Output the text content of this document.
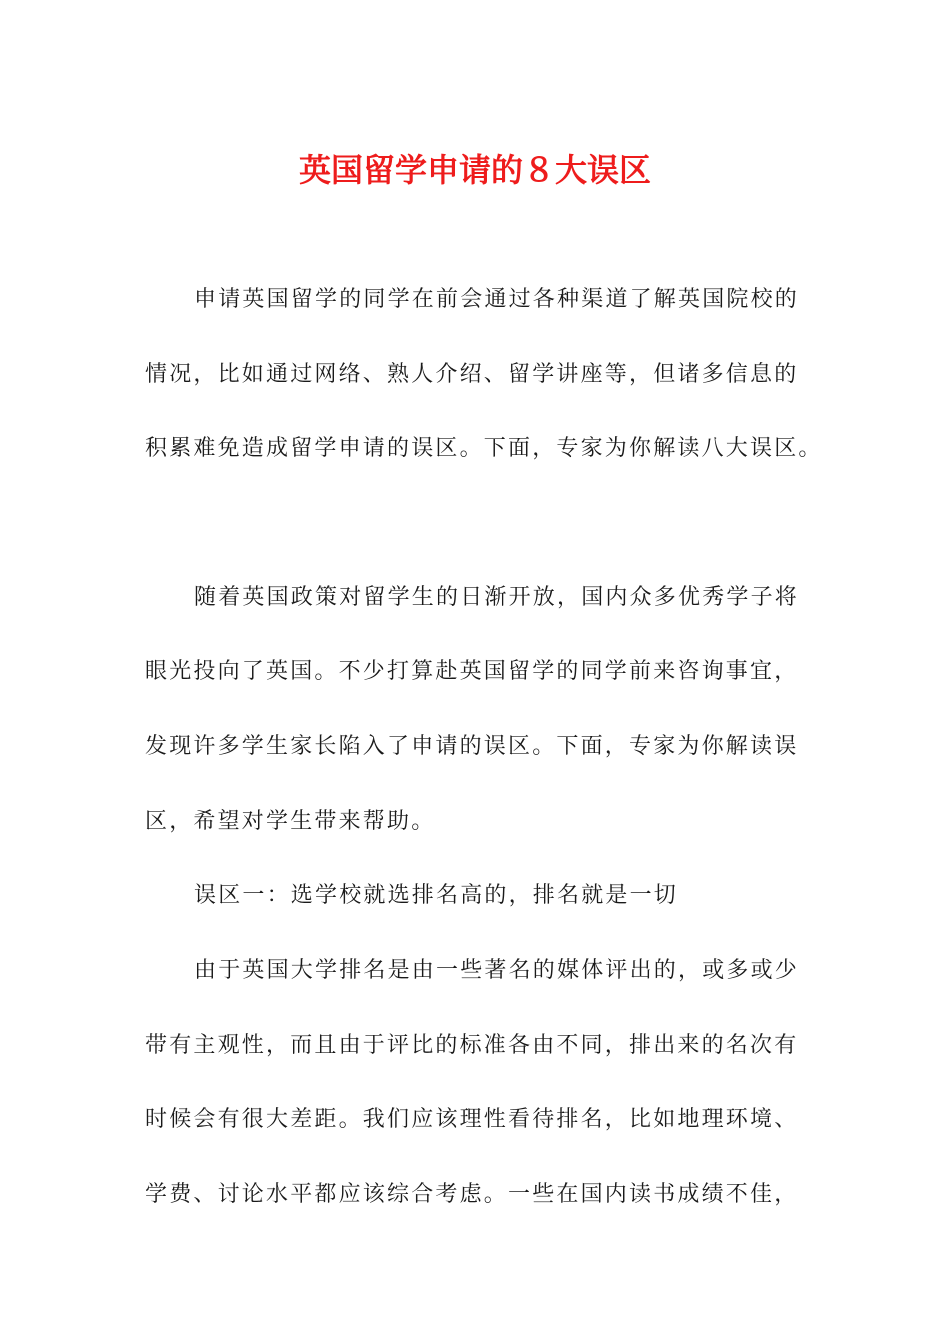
英国留学申请的８大误区
申请英国留学的同学在前会通过各种渠道了解英国院校的
情况，比如通过网络、熟人介绍、留学讲座等，但诸多信息的
积累难免造成留学申请的误区。下面，专家为你解读八大误区。
随着英国政策对留学生的日渐开放，国内众多优秀学子将
眼光投向了英国。不少打算赴英国留学的同学前来咨询事宜，
发现许多学生家长陷入了申请的误区。下面，专家为你解读误
区，希望对学生带来帮助。
误区一：选学校就选排名高的，排名就是一切
由于英国大学排名是由一些著名的媒体评出的，或多或少
带有主观性，而且由于评比的标准各由不同，排出来的名次有
时候会有很大差距。我们应该理性看待排名，比如地理环境、
学费、讨论水平都应该综合考虑。一些在国内读书成绩不佳，
